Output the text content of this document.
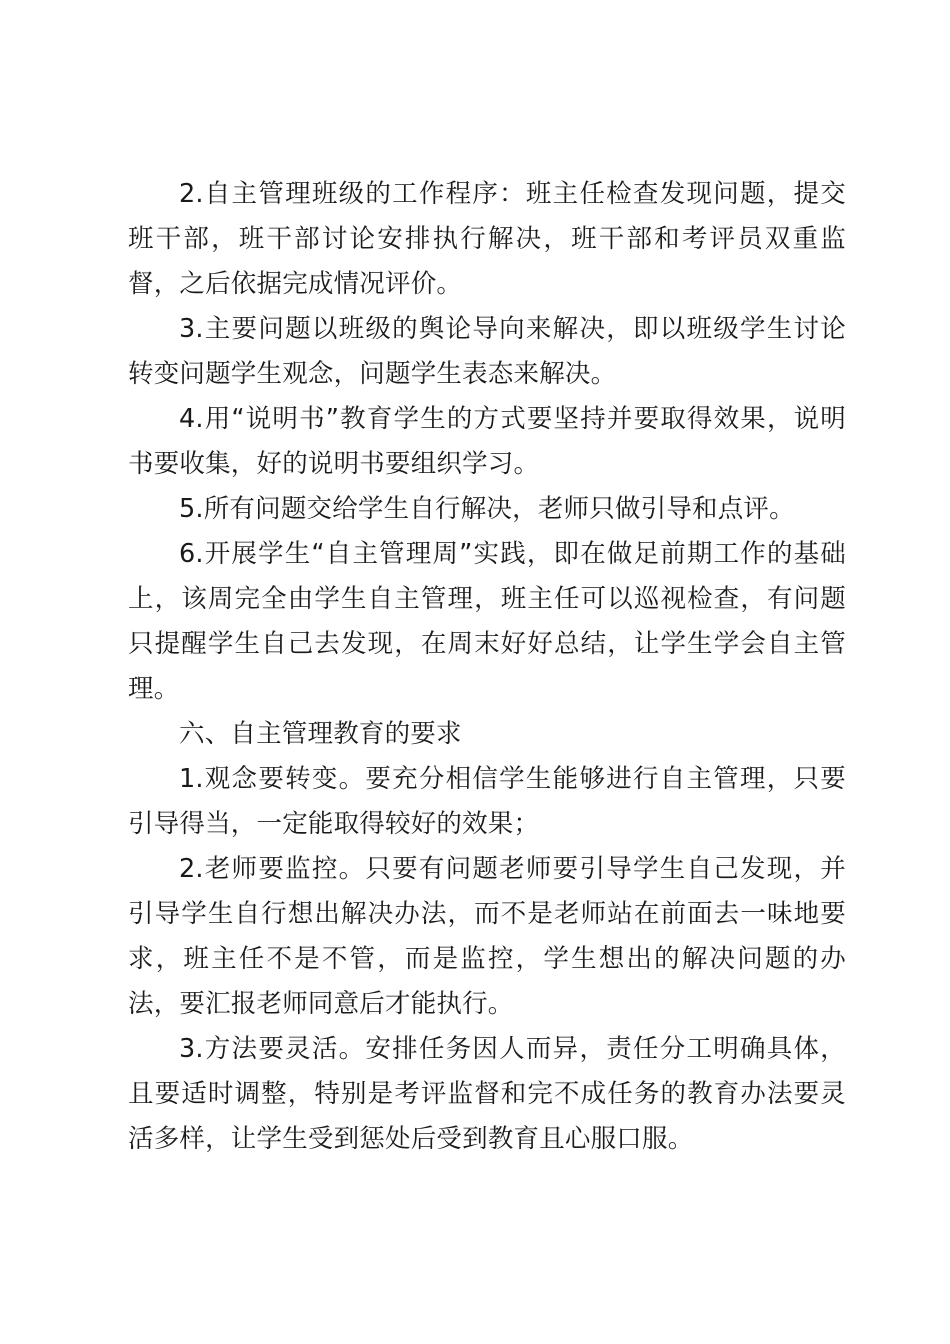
2.自主管理班级的工作程序：班主任检查发现问题，提交班干部，班干部讨论安排执行解决，班干部和考评员双重监督，之后依据完成情况评价。

3.主要问题以班级的舆论导向来解决，即以班级学生讨论转变问题学生观念，问题学生表态来解决。

4.用“说明书”教育学生的方式要坚持并要取得效果，说明书要收集，好的说明书要组织学习。

5.所有问题交给学生自行解决，老师只做引导和点评。

6.开展学生“自主管理周”实践，即在做足前期工作的基础上，该周完全由学生自主管理，班主任可以巡视检查，有问题只提醒学生自己去发现，在周末好好总结，让学生学会自主管理。

六、自主管理教育的要求

1.观念要转变。要充分相信学生能够进行自主管理，只要引导得当，一定能取得较好的效果；

2.老师要监控。只要有问题老师要引导学生自己发现，并引导学生自行想出解决办法，而不是老师站在前面去一味地要求，班主任不是不管，而是监控，学生想出的解决问题的办法，要汇报老师同意后才能执行。

3.方法要灵活。安排任务因人而异，责任分工明确具体，且要适时调整，特别是考评监督和完不成任务的教育办法要灵活多样，让学生受到惩处后受到教育且心服口服。
